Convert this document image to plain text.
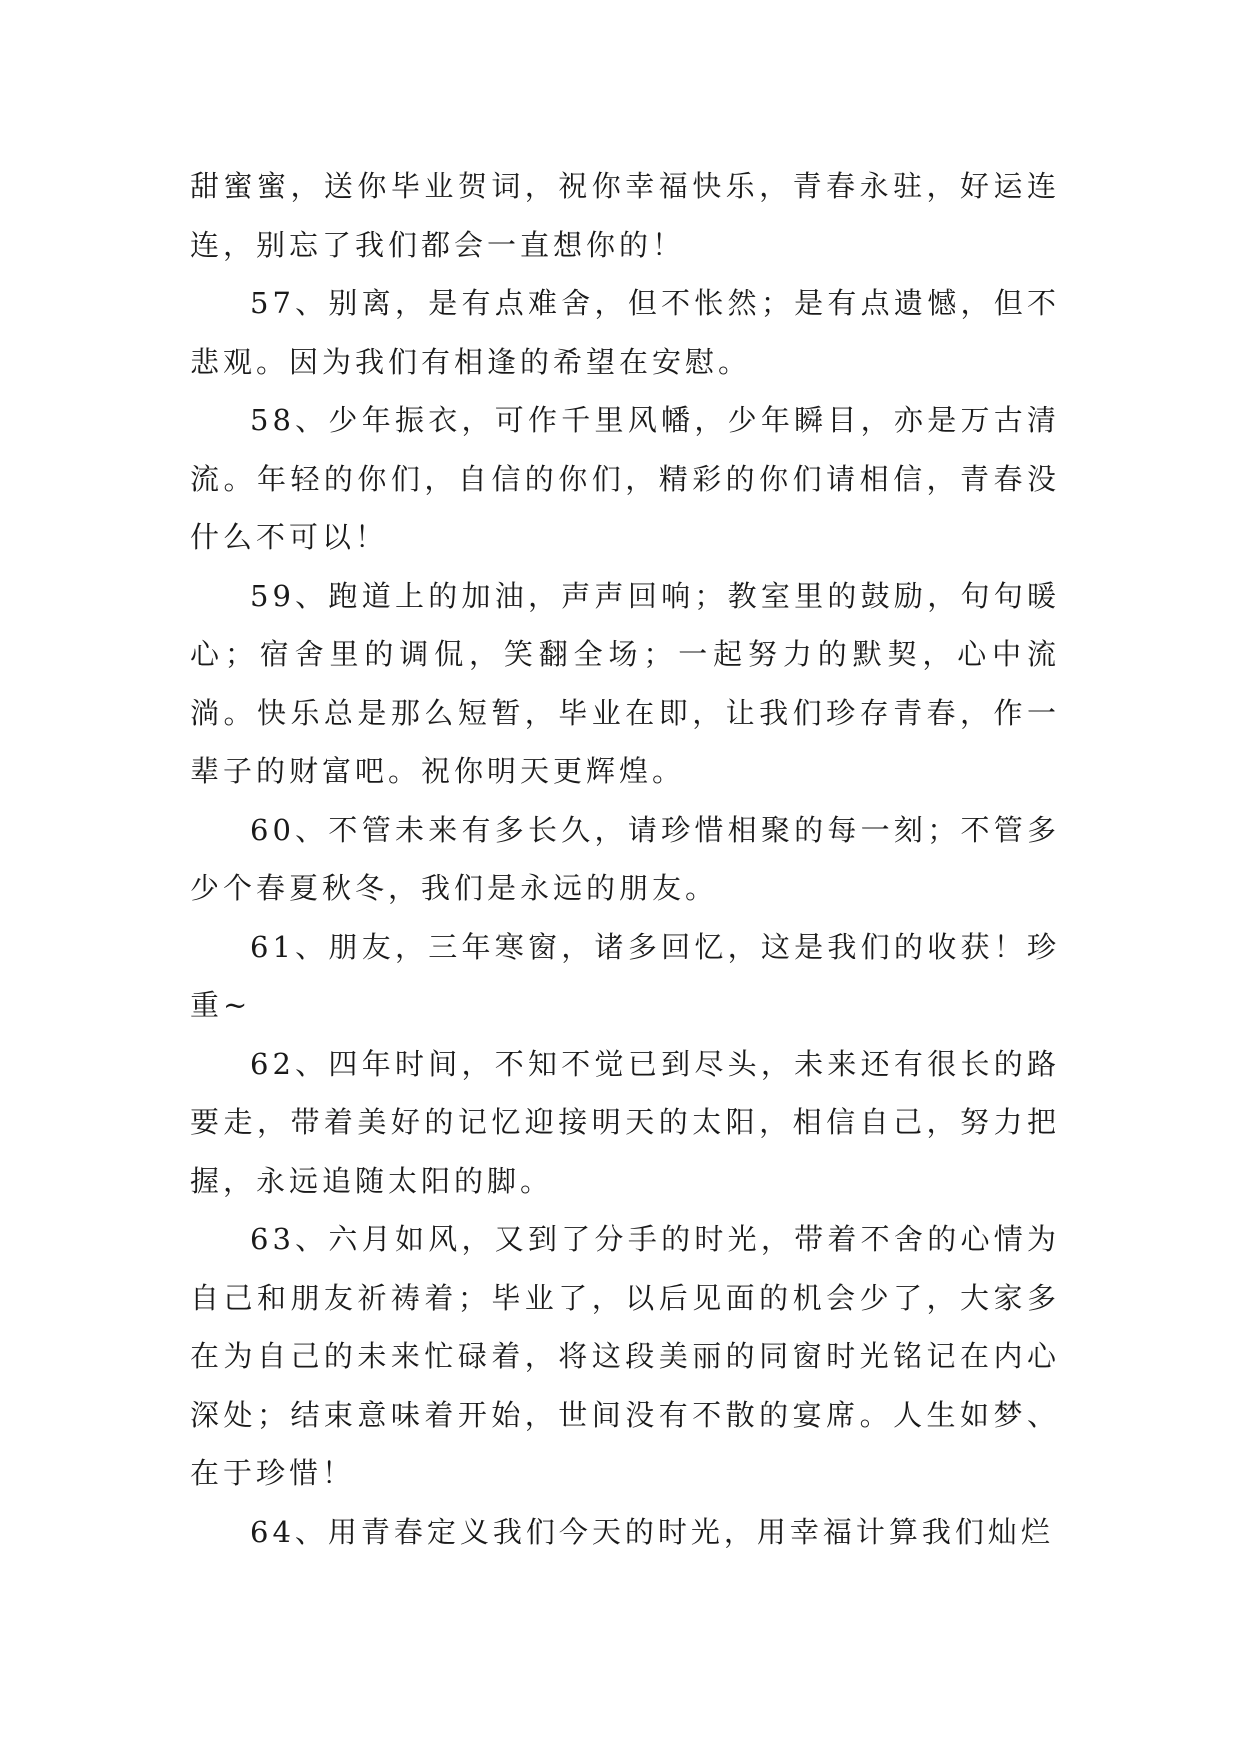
甜蜜蜜，送你毕业贺词，祝你幸福快乐，青春永驻，好运连连，别忘了我们都会一直想你的！

57、别离，是有点难舍，但不怅然；是有点遗憾，但不悲观。因为我们有相逢的希望在安慰。

58、少年振衣，可作千里风幡，少年瞬目，亦是万古清流。年轻的你们，自信的你们，精彩的你们请相信，青春没什么不可以！

59、跑道上的加油，声声回响；教室里的鼓励，句句暖心；宿舍里的调侃，笑翻全场；一起努力的默契，心中流淌。快乐总是那么短暂，毕业在即，让我们珍存青春，作一辈子的财富吧。祝你明天更辉煌。

60、不管未来有多长久，请珍惜相聚的每一刻；不管多少个春夏秋冬，我们是永远的朋友。

61、朋友，三年寒窗，诸多回忆，这是我们的收获！珍重~

62、四年时间，不知不觉已到尽头，未来还有很长的路要走，带着美好的记忆迎接明天的太阳，相信自己，努力把握，永远追随太阳的脚。

63、六月如风，又到了分手的时光，带着不舍的心情为自己和朋友祈祷着；毕业了，以后见面的机会少了，大家多在为自己的未来忙碌着，将这段美丽的同窗时光铭记在内心深处；结束意味着开始，世间没有不散的宴席。人生如梦、在于珍惜！

64、用青春定义我们今天的时光，用幸福计算我们灿烂
